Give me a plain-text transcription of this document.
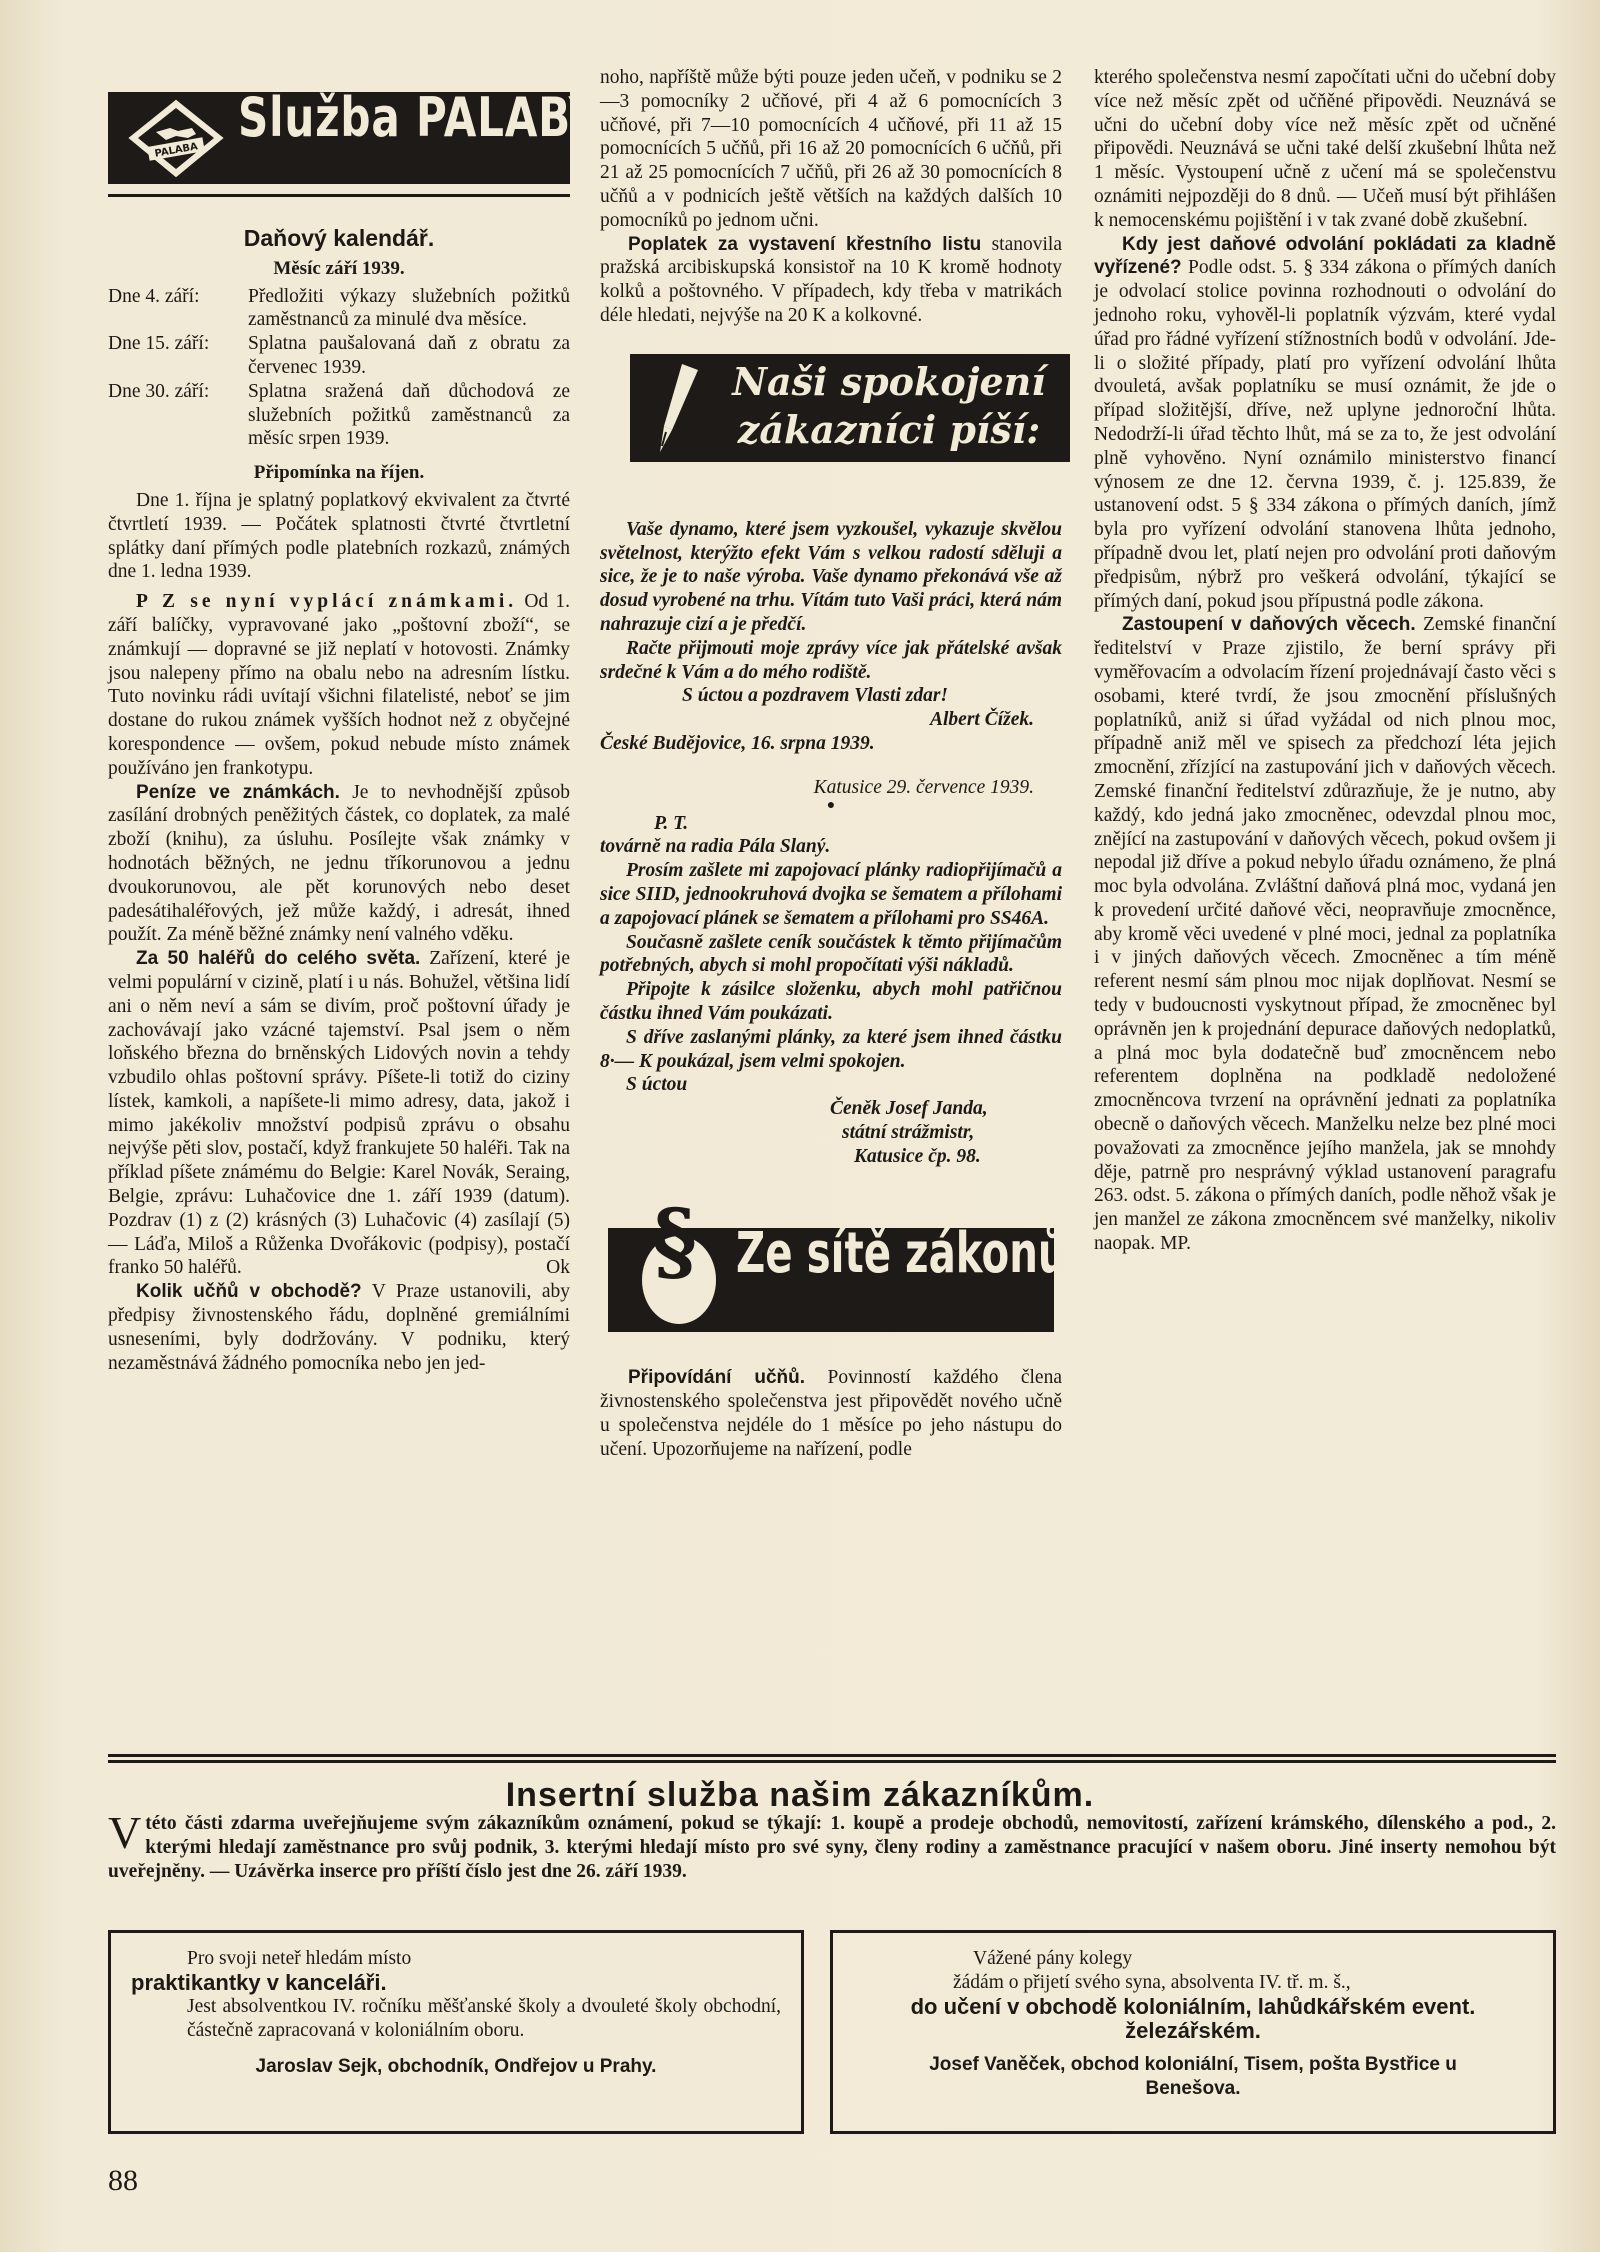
PALABA
Služba PALABY
Daňový kalendář.
Měsíc září 1939.
Dne 4. září:	Předložiti výkazy služebních požitků zaměstnanců za minulé dva měsíce.
Dne 15. září:	Splatna paušalovaná daň z obratu za červenec 1939.
Dne 30. září:	Splatna sražená daň důchodová ze služebních požitků zaměstnanců za měsíc srpen 1939.
Připomínka na říjen.

Dne 1. října je splatný poplatkový ekvivalent za čtvrté čtvrtletí 1939. — Počátek splatnosti čtvrté čtvrtletní splátky daní přímých podle platebních rozkazů, známých dne 1. ledna 1939.

P Z se nyní vyplácí známkami. Od 1. září balíčky, vypravované jako „poštovní zboží“, se známkují — dopravné se již neplatí v hotovosti. Známky jsou nalepeny přímo na obalu nebo na adresním lístku. Tuto novinku rádi uvítají všichni filatelisté, neboť se jim dostane do rukou známek vyšších hodnot než z obyčejné korespondence — ovšem, pokud nebude místo známek používáno jen frankotypu.

Peníze ve známkách. Je to nevhodnější způsob zasílání drobných peněžitých částek, co doplatek, za malé zboží (knihu), za úsluhu. Posílejte však známky v hodnotách běžných, ne jednu tříkorunovou a jednu dvoukorunovou, ale pět korunových nebo deset padesátihaléřových, jež může každý, i adresát, ihned použít. Za méně běžné známky není valného vděku.

Za 50 haléřů do celého světa. Zařízení, které je velmi populární v cizině, platí i u nás. Bohužel, většina lidí ani o něm neví a sám se divím, proč poštovní úřady je zachovávají jako vzácné tajemství. Psal jsem o něm loňského března do brněnských Lidových novin a tehdy vzbudilo ohlas poštovní správy. Píšete-li totiž do ciziny lístek, kamkoli, a napíšete-li mimo adresy, data, jakož i mimo jakékoliv množství podpisů zprávu o obsahu nejvýše pěti slov, postačí, když frankujete 50 haléři. Tak na příklad píšete známému do Belgie: Karel Novák, Seraing, Belgie, zprávu: Luhačovice dne 1. září 1939 (datum). Pozdrav (1) z (2) krásných (3) Luhačovic (4) zasílají (5) — Láďa, Miloš a Růženka Dvořákovic (podpisy), postačí franko 50 haléřů.	Ok

Kolik učňů v obchodě? V Praze ustanovili, aby předpisy živnostenského řádu, doplněné gremiálními usneseními, byly dodržovány. V podniku, který nezaměstnává žádného pomocníka nebo jen jed-

noho, napříště může býti pouze jeden učeň, v podniku se 2—3 pomocníky 2 učňové, při 4 až 6 pomocnících 3 učňové, při 7—10 pomocnících 4 učňové, při 11 až 15 pomocnících 5 učňů, při 16 až 20 pomocnících 6 učňů, při 21 až 25 pomocnících 7 učňů, při 26 až 30 pomocnících 8 učňů a v podnicích ještě větších na každých dalších 10 pomocníků po jednom učni.

Poplatek za vystavení křestního listu stanovila pražská arcibiskupská konsistoř na 10 K kromě hodnoty kolků a poštovného. V případech, kdy třeba v matrikách déle hledati, nejvýše na 20 K a kolkovné.

Naši spokojení
zákazníci píší:

Vaše dynamo, které jsem vyzkoušel, vykazuje skvělou světelnost, kterýžto efekt Vám s velkou radostí sděluji a sice, že je to naše výroba. Vaše dynamo překonává vše až dosud vyrobené na trhu. Vítám tuto Vaši práci, která nám nahrazuje cizí a je předčí.

Račte přijmouti moje zprávy více jak přátelské avšak srdečné k Vám a do mého rodiště.

S úctou a pozdravem Vlasti zdar!

Albert Čížek.

České Budějovice, 16. srpna 1939.

Katusice 29. července 1939.

●

P. T.

továrně na radia Pála Slaný.

Prosím zašlete mi zapojovací plánky radiopřijímačů a sice SIID, jednookruhová dvojka se šematem a přílohami a zapojovací plánek se šematem a přílohami pro SS46A.

Současně zašlete ceník součástek k těmto přijímačům potřebných, abych si mohl propočítati výši nákladů.

Připojte k zásilce složenku, abych mohl patřičnou částku ihned Vám poukázati.

S dříve zaslanými plánky, za které jsem ihned částku 8·— K poukázal, jsem velmi spokojen.

S úctou

Čeněk Josef Janda,

státní strážmistr,

Katusice čp. 98.

§ Ze sítě zákonů

Připovídání učňů. Povinností každého člena živnostenského společenstva jest připovědět nového učně u společenstva nejdéle do 1 měsíce po jeho nástupu do učení. Upozorňujeme na nařízení, podle

kterého společenstva nesmí započítati učni do učební doby více než měsíc zpět od učňěné připovědi. Neuznává se učni do učební doby více než měsíc zpět od učněné připovědi. Neuznává se učni také delší zkušební lhůta než 1 měsíc. Vystoupení učně z učení má se společenstvu oznámiti nejpozději do 8 dnů. — Učeň musí být přihlášen k nemocenskému pojištění i v tak zvané době zkušební.

Kdy jest daňové odvolání pokládati za kladně vyřízené? Podle odst. 5. § 334 zákona o přímých daních je odvolací stolice povinna rozhodnouti o odvolání do jednoho roku, vyhověl-li poplatník výzvám, které vydal úřad pro řádné vyřízení stížnostních bodů v odvolání. Jde-li o složité případy, platí pro vyřízení odvolání lhůta dvouletá, avšak poplatníku se musí oznámit, že jde o případ složitější, dříve, než uplyne jednoroční lhůta. Nedodrží-li úřad těchto lhůt, má se za to, že jest odvolání plně vyhověno. Nyní oznámilo ministerstvo financí výnosem ze dne 12. června 1939, č. j. 125.839, že ustanovení odst. 5 § 334 zákona o přímých daních, jímž byla pro vyřízení odvolání stanovena lhůta jednoho, případně dvou let, platí nejen pro odvolání proti daňovým předpisům, nýbrž pro veškerá odvolání, týkající se přímých daní, pokud jsou přípustná podle zákona.

Zastoupení v daňových věcech. Zemské finanční ředitelství v Praze zjistilo, že berní správy při vyměřovacím a odvolacím řízení projednávají často věci s osobami, které tvrdí, že jsou zmocnění příslušných poplatníků, aniž si úřad vyžádal od nich plnou moc, případně aniž měl ve spisech za předchozí léta jejich zmocnění, zřízjící na zastupování jich v daňových věcech. Zemské finanční ředitelství zdůrazňuje, že je nutno, aby každý, kdo jedná jako zmocněnec, odevzdal plnou moc, znějící na zastupování v daňových věcech, pokud ovšem ji nepodal již dříve a pokud nebylo úřadu oznámeno, že plná moc byla odvolána. Zvláštní daňová plná moc, vydaná jen k provedení určité daňové věci, neopravňuje zmocněnce, aby kromě věci uvedené v plné moci, jednal za poplatníka i v jiných daňových věcech. Zmocněnec a tím méně referent nesmí sám plnou moc nijak doplňovat. Nesmí se tedy v budoucnosti vyskytnout případ, že zmocněnec byl oprávněn jen k projednání depurace daňových nedoplatků, a plná moc byla dodatečně buď zmocněncem nebo referentem doplněna na podkladě nedoložené zmocněncova tvrzení na oprávnění jednati za poplatníka obecně o daňových věcech. Manželku nelze bez plné moci považovati za zmocněnce jejího manžela, jak se mnohdy děje, patrně pro nesprávný výklad ustanovení paragrafu 263. odst. 5. zákona o přímých daních, podle něhož však je jen manžel ze zákona zmocněncem své manželky, nikoliv naopak. MP.

Insertní služba našim zákazníkům.
V této části zdarma uveřejňujeme svým zákazníkům oznámení, pokud se týkají: 1. koupě a prodeje obchodů, nemovitostí, zařízení krámského, dílenského a pod., 2. kterými hledají zaměstnance pro svůj podnik, 3. kterými hledají místo pro své syny, členy rodiny a zaměstnance pracující v našem oboru. Jiné inserty nemohou být uveřejněny. — Uzávěrka inserce pro příští číslo jest dne 26. září 1939.
Pro svoji neteř hledám místo
praktikantky v kanceláři.
Jest absolventkou IV. ročníku měšťanské školy a dvouleté školy obchodní, částečně zapracovaná v koloniálním oboru.
Jaroslav Sejk, obchodník, Ondřejov u Prahy.
Vážené pány kolegy
žádám o přijetí svého syna, absolventa IV. tř. m. š.,
do učení v obchodě koloniálním, lahůdkářském event. železářském.
Josef Vaněček, obchod koloniální, Tisem, pošta Bystřice u Benešova.
88
